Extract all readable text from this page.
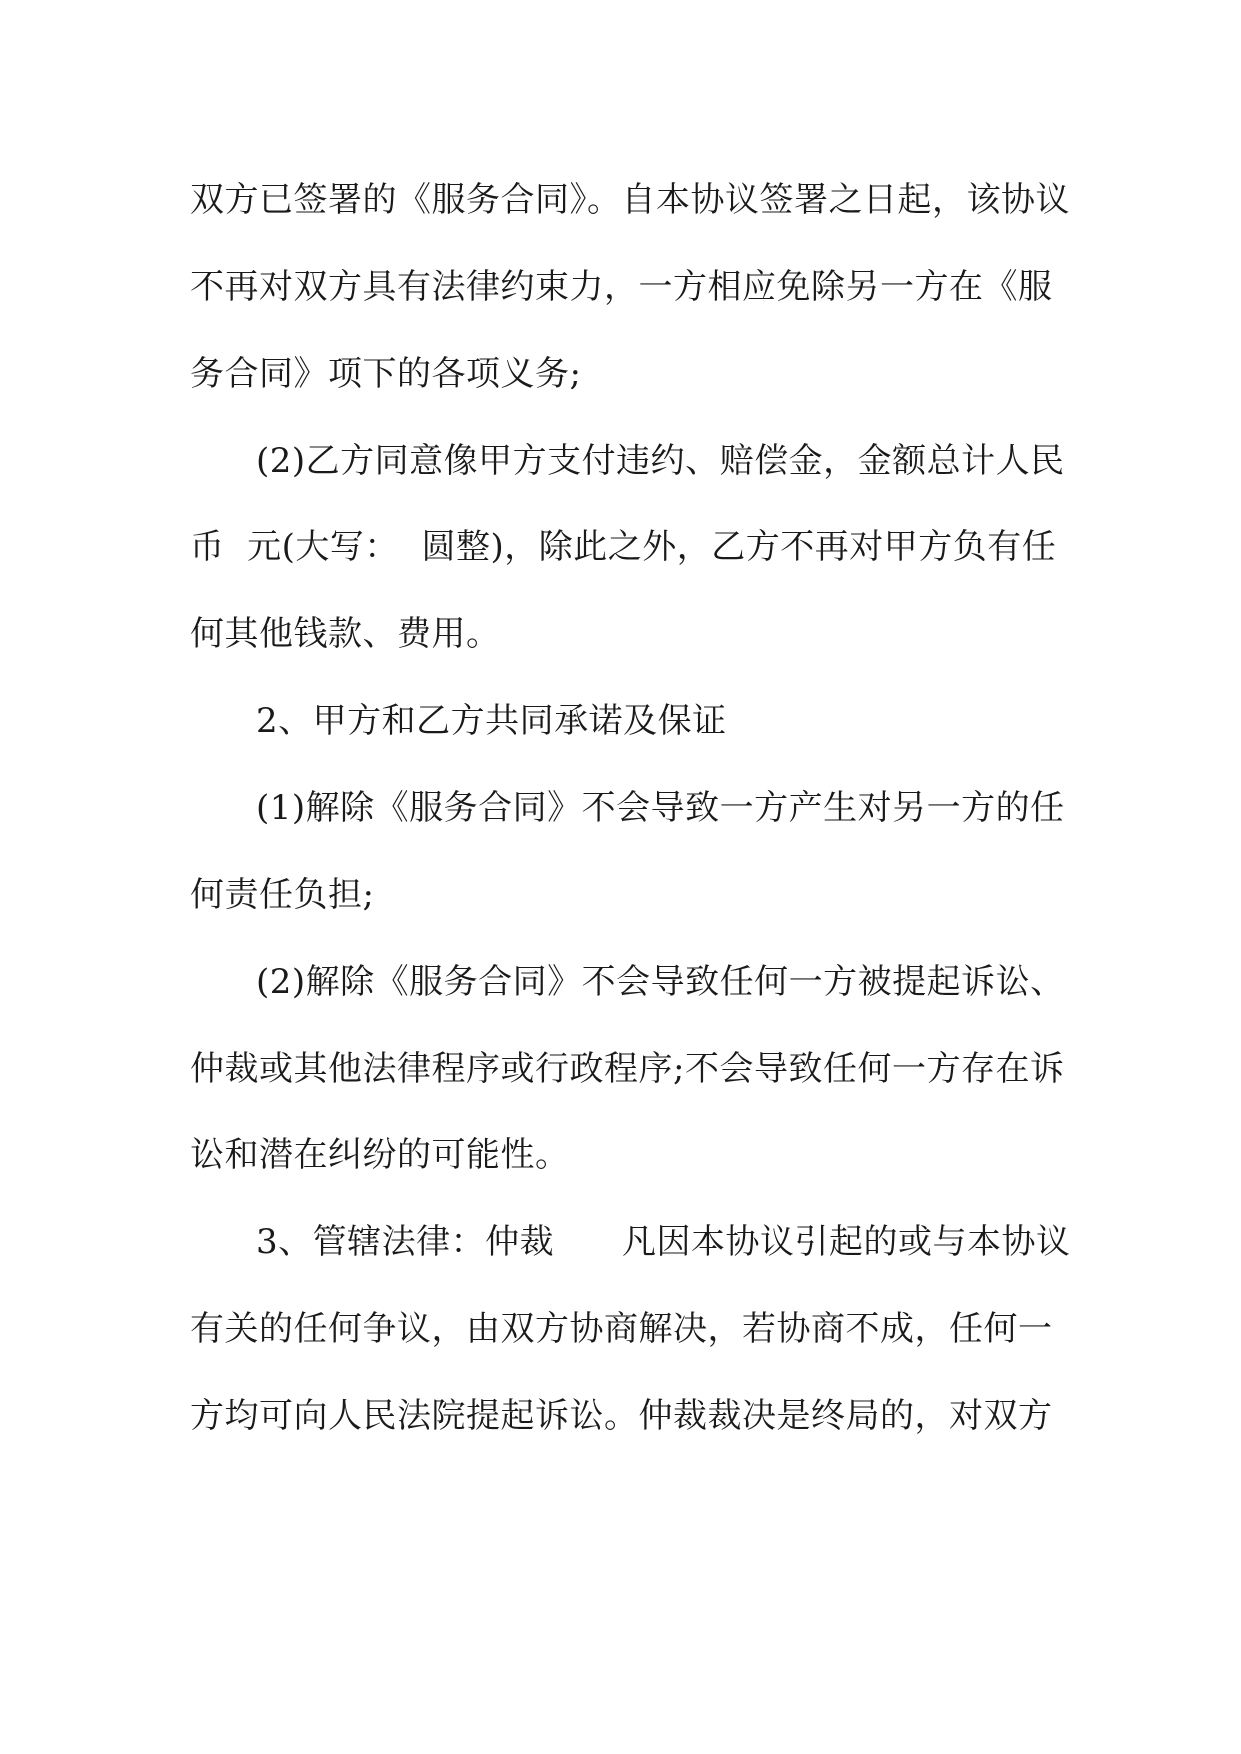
双方已签署的《服务合同》。自本协议签署之日起，该协议
不再对双方具有法律约束力，一方相应免除另一方在《服
务合同》项下的各项义务;
(2)乙方同意像甲方支付违约、赔偿金，金额总计人民
币  元(大写：  圆整)，除此之外，乙方不再对甲方负有任
何其他钱款、费用。
2、甲方和乙方共同承诺及保证
(1)解除《服务合同》不会导致一方产生对另一方的任
何责任负担;
(2)解除《服务合同》不会导致任何一方被提起诉讼、
仲裁或其他法律程序或行政程序;不会导致任何一方存在诉
讼和潜在纠纷的可能性。
3、管辖法律：仲裁      凡因本协议引起的或与本协议
有关的任何争议，由双方协商解决，若协商不成，任何一
方均可向人民法院提起诉讼。仲裁裁决是终局的，对双方
